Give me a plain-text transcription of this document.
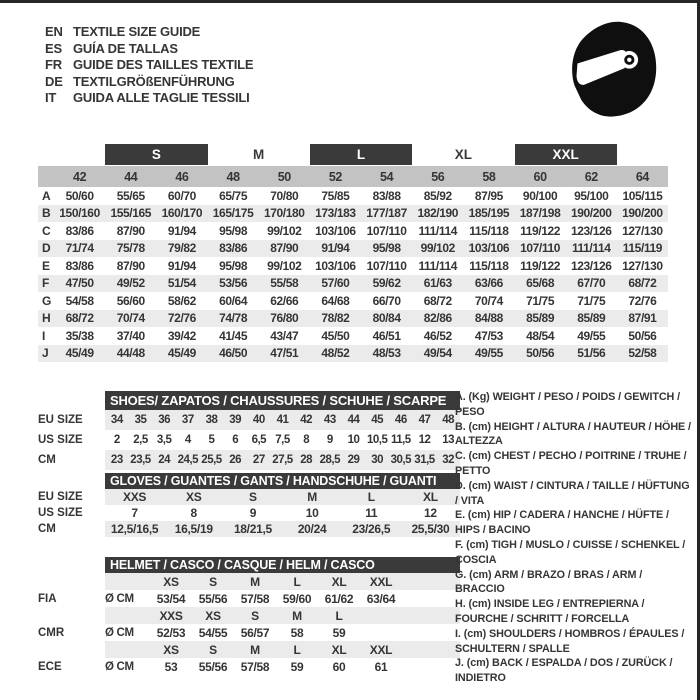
EN TEXTILE SIZE GUIDE
ES GUÍA DE TALLAS
FR GUIDE DES TAILLES TEXTILE
DE TEXTILGRÖßENFÜHRUNG
IT	GUIDA ALLE TAGLIE TESSILI
S	M	L	XL	XXL
42	44	46	48	50	52	54	56	58	60	62	64
A	50/60	55/65	60/70	65/75	70/80	75/85	83/88	85/92	87/95	90/100	95/100	105/115
B 150/160 155/165 160/170 165/175 170/180 173/183 177/187 182/190 185/195 187/198 190/200 190/200
C	83/86	87/90	91/94	95/98	99/102	103/106 107/110 111/114	115/118 119/122 123/126 127/130
D	71/74	75/78	79/82	83/86	87/90	91/94	95/98	99/102	103/106 107/110 111/114	115/119
E	83/86	87/90	91/94	95/98	99/102	103/106 107/110 111/114	115/118 119/122 123/126 127/130
F	47/50	49/52	51/54	53/56	55/58	57/60	59/62	61/63	63/66	65/68	67/70	68/72
G	54/58	56/60	58/62	60/64	62/66	64/68	66/70	68/72	70/74	71/75	71/75	72/76
H	68/72	70/74	72/76	74/78	76/80	78/82	80/84	82/86	84/88	85/89	85/89	87/91
I	35/38	37/40	39/42	41/45	43/47	45/50	46/51	46/52	47/53	48/54	49/55	50/56
J	45/49	44/48	45/49	46/50	47/51	48/52	48/53	49/54	49/55	50/56	51/56	52/58
SHOES/ ZAPATOS / CHAUSSURES / SCHUHE / SCARPE
EU SIZE	34	35	36	37	38	39	40	41	42	43	44	45	46	47	48
US SIZE	2	2,5 3,5	4	5	6	6,5 7,5	8	9	10 10,5 11,5 12	13
CM	23 23,5 24 24,5 25,5 26	27 27,5 28 28,5 29	30 30,5 31,5 32
GLOVES / GUANTES / GANTS / HANDSCHUHE / GUANTI
EU SIZE	XXS	XS	S	M	L	XL
US SIZE	7	8	9	10	11	12
CM	12,5/16,5	16,5/19	18/21,5	20/24	23/26,5	25,5/30
HELMET / CASCO / CASQUE / HELM / CASCO
XS	S	M	L	XL	XXL
FIA	Ø CM	53/54	55/56	57/58	59/60	61/62	63/64
XXS	XS	S	M	L
CMR	Ø CM	52/53	54/55	56/57	58	59
XS	S	M	L	XL	XXL
ECE	Ø CM	53	55/56	57/58	59	60	61
A. (Kg) WEIGHT / PESO / POIDS / GEWITCH / PESO
B. (cm) HEIGHT / ALTURA / HAUTEUR / HÖHE / ALTEZZA
C. (cm) CHEST / PECHO / POITRINE / TRUHE / PETTO
D. (cm) WAIST / CINTURA / TAILLE / HÜFTUNG / VITA
E. (cm) HIP / CADERA / HANCHE / HÜFTE / HIPS / BACINO
F. (cm) TIGH / MUSLO / CUISSE / SCHENKEL / COSCIA
G. (cm) ARM / BRAZO / BRAS / ARM / BRACCIO
H. (cm) INSIDE LEG / ENTREPIERNA / FOURCHE / SCHRITT / FORCELLA
I. (cm) SHOULDERS / HOMBROS / ÉPAULES / SCHULTERN / SPALLE
J. (cm) BACK / ESPALDA / DOS / ZURÜCK / INDIETRO
